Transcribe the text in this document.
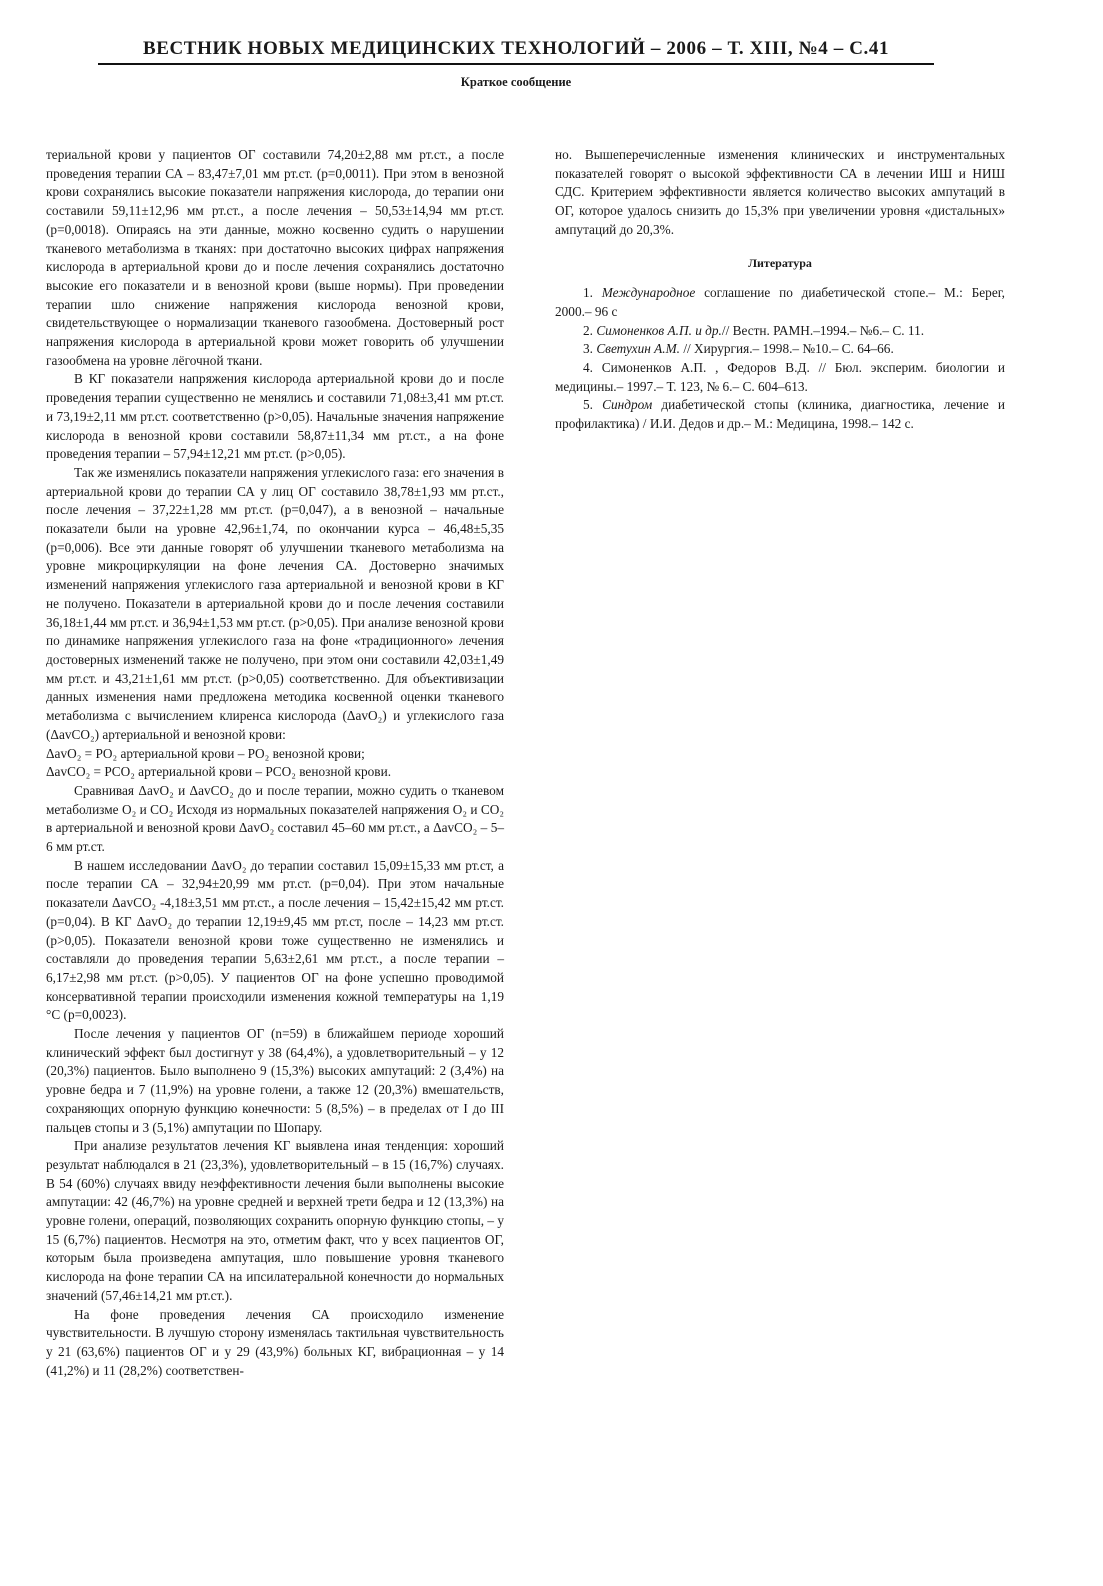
ВЕСТНИК НОВЫХ МЕДИЦИНСКИХ ТЕХНОЛОГИЙ – 2006 – Т. XIII, №4 – С.41
Краткое сообщение

териальной крови у пациентов ОГ составили 74,20±2,88 мм рт.ст., а после проведения терапии СА – 83,47±7,01 мм рт.ст. (p=0,0011). При этом в венозной крови сохранялись высокие показатели напряжения кислорода, до терапии они составили 59,11±12,96 мм рт.ст., а после лечения – 50,53±14,94 мм рт.ст. (p=0,0018). Опираясь на эти данные, можно косвенно судить о нарушении тканевого метаболизма в тканях: при достаточно высоких цифрах напряжения кислорода в артериальной крови до и после лечения сохранялись достаточно высокие его показатели и в венозной крови (выше нормы). При проведении терапии шло снижение напряжения кислорода венозной крови, свидетельствующее о нормализации тканевого газообмена. Достоверный рост напряжения кислорода в артериальной крови может говорить об улучшении газообмена на уровне лёгочной ткани.

В КГ показатели напряжения кислорода артериальной крови до и после проведения терапии существенно не менялись и составили 71,08±3,41 мм рт.ст. и 73,19±2,11 мм рт.ст. соответственно (p>0,05). Начальные значения напряжение кислорода в венозной крови составили 58,87±11,34 мм рт.ст., а на фоне проведения терапии – 57,94±12,21 мм рт.ст. (p>0,05).

Так же изменялись показатели напряжения углекислого газа: его значения в артериальной крови до терапии СА у лиц ОГ составило 38,78±1,93 мм рт.ст., после лечения – 37,22±1,28 мм рт.ст. (p=0,047), а в венозной – начальные показатели были на уровне 42,96±1,74, по окончании курса – 46,48±5,35 (p=0,006). Все эти данные говорят об улучшении тканевого метаболизма на уровне микроциркуляции на фоне лечения СА. Достоверно значимых изменений напряжения углекислого газа артериальной и венозной крови в КГ не получено. Показатели в артериальной крови до и после лечения составили 36,18±1,44 мм рт.ст. и 36,94±1,53 мм рт.ст. (p>0,05). При анализе венозной крови по динамике напряжения углекислого газа на фоне «традиционного» лечения достоверных изменений также не получено, при этом они составили 42,03±1,49 мм рт.ст. и 43,21±1,61 мм рт.ст. (p>0,05) соответственно. Для объективизации данных изменения нами предложена методика косвенной оценки тканевого метаболизма с вычислением клиренса кислорода (ΔavO₂) и углекислого газа (ΔavCO₂) артериальной и венозной крови:

ΔavO₂ = PO₂ артериальной крови – PO₂ венозной крови;

ΔavCO₂ = PCO₂ артериальной крови – PCO₂ венозной крови.

Сравнивая ΔavO₂ и ΔavCO₂ до и после терапии, можно судить о тканевом метаболизме O₂ и CO₂ Исходя из нормальных показателей напряжения O₂ и CO₂ в артериальной и венозной крови ΔavO₂ составил 45–60 мм рт.ст., а ΔavCO₂ – 5–6 мм рт.ст.

В нашем исследовании ΔavO₂ до терапии составил 15,09±15,33 мм рт.ст, а после терапии СА – 32,94±20,99 мм рт.ст. (p=0,04). При этом начальные показатели ΔavCO₂ -4,18±3,51 мм рт.ст., а после лечения – 15,42±15,42 мм рт.ст. (p=0,04). В КГ ΔavO₂ до терапии 12,19±9,45 мм рт.ст, после – 14,23 мм рт.ст. (p>0,05). Показатели венозной крови тоже существенно не изменялись и составляли до проведения терапии 5,63±2,61 мм рт.ст., а после терапии – 6,17±2,98 мм рт.ст. (p>0,05). У пациентов ОГ на фоне успешно проводимой консервативной терапии происходили изменения кожной температуры на 1,19 °С (p=0,0023).

После лечения у пациентов ОГ (n=59) в ближайшем периоде хороший клинический эффект был достигнут у 38 (64,4%), а удовлетворительный – у 12 (20,3%) пациентов. Было выполнено 9 (15,3%) высоких ампутаций: 2 (3,4%) на уровне бедра и 7 (11,9%) на уровне голени, а также 12 (20,3%) вмешательств, сохраняющих опорную функцию конечности: 5 (8,5%) – в пределах от I до III пальцев стопы и 3 (5,1%) ампутации по Шопару.

При анализе результатов лечения КГ выявлена иная тенденция: хороший результат наблюдался в 21 (23,3%), удовлетворительный – в 15 (16,7%) случаях. В 54 (60%) случаях ввиду неэффективности лечения были выполнены высокие ампутации: 42 (46,7%) на уровне средней и верхней трети бедра и 12 (13,3%) на уровне голени, операций, позволяющих сохранить опорную функцию стопы, – у 15 (6,7%) пациентов. Несмотря на это, отметим факт, что у всех пациентов ОГ, которым была произведена ампутация, шло повышение уровня тканевого кислорода на фоне терапии СА на ипсилатеральной конечности до нормальных значений (57,46±14,21 мм рт.ст.).

На фоне проведения лечения СА происходило изменение чувствительности. В лучшую сторону изменялась тактильная чувствительность у 21 (63,6%) пациентов ОГ и у 29 (43,9%) больных КГ, вибрационная – у 14 (41,2%) и 11 (28,2%) соответствен-

но. Вышеперечисленные изменения клинических и инструментальных показателей говорят о высокой эффективности СА в лечении ИШ и НИШ СДС. Критерием эффективности является количество высоких ампутаций в ОГ, которое удалось снизить до 15,3% при увеличении уровня «дистальных» ампутаций до 20,3%.

Литература

1. Международное соглашение по диабетической стопе.– М.: Берег, 2000.– 96 с

2. Симоненков А.П. и др.// Вестн. РАМН.–1994.– №6.– С. 11.

3. Светухин А.М. // Хирургия.– 1998.– №10.– С. 64–66.

4. Симоненков А.П. , Федоров В.Д. // Бюл. эксперим. биологии и медицины.– 1997.– Т. 123, № 6.– С. 604–613.

5. Синдром диабетической стопы (клиника, диагностика, лечение и профилактика) / И.И. Дедов и др.– М.: Медицина, 1998.– 142 с.
